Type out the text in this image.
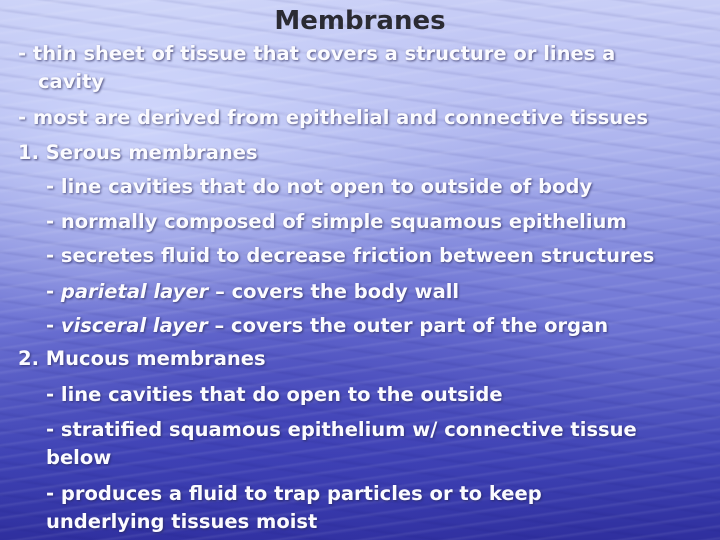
Membranes
- thin sheet of tissue that covers a structure or lines a
cavity
- most are derived from epithelial and connective tissues
1. Serous membranes
- line cavities that do not open to outside of body
- normally composed of simple squamous epithelium
- secretes fluid to decrease friction between structures
- parietal layer – covers the body wall
- visceral layer – covers the outer part of the organ
2. Mucous membranes
- line cavities that do open to the outside
- stratified squamous epithelium w/ connective tissue
below
- produces a fluid to trap particles or to keep
underlying tissues moist
